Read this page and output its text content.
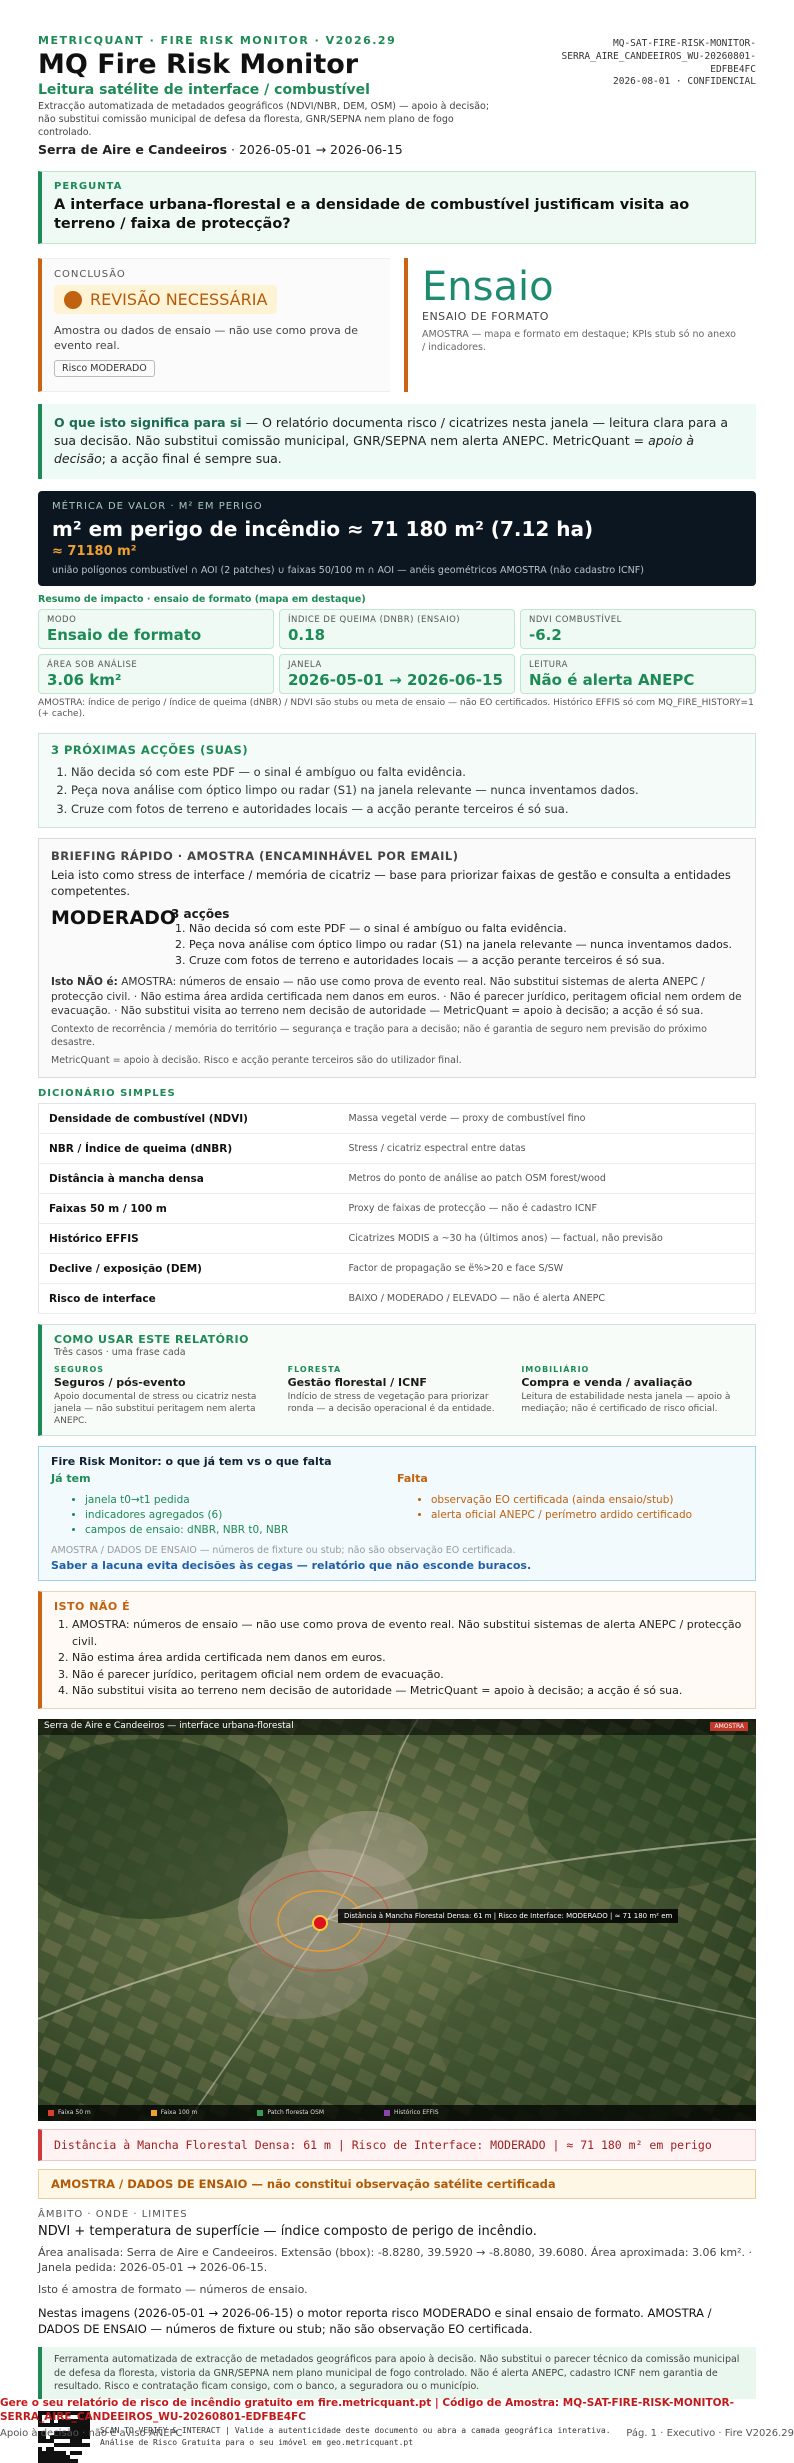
METRICQUANT · FIRE RISK MONITOR · V2026.29
MQ Fire Risk Monitor
Leitura satélite de interface / combustível
Extracção automatizada de metadados geográficos (NDVI/NBR, DEM, OSM) — apoio à decisão; não substitui comissão municipal de defesa da floresta, GNR/SEPNA nem plano de fogo controlado.
Serra de Aire e Candeeiros · 2026-05-01 → 2026-06-15
MQ-SAT-FIRE-RISK-MONITOR-
SERRA_AIRE_CANDEEIROS_WU-20260801-
EDFBE4FC
2026-08-01 · CONFIDENCIAL
PERGUNTA
A interface urbana-florestal e a densidade de combustível justificam visita ao terreno / faixa de protecção?
CONCLUSÃO
REVISÃO NECESSÁRIA
Amostra ou dados de ensaio — não use como prova de evento real.
Risco MODERADO
Ensaio
ENSAIO DE FORMATO
AMOSTRA — mapa e formato em destaque; KPIs stub só no anexo / indicadores.
O que isto significa para si — O relatório documenta risco / cicatrizes nesta janela — leitura clara para a sua decisão. Não substitui comissão municipal, GNR/SEPNA nem alerta ANEPC. MetricQuant = apoio à decisão; a acção final é sempre sua.
MÉTRICA DE VALOR · M² EM PERIGO
m² em perigo de incêndio ≈ 71 180 m² (7.12 ha)
≈ 71180 m²
união polígonos combustível ∩ AOI (2 patches) ∪ faixas 50/100 m ∩ AOI — anéis geométricos AMOSTRA (não cadastro ICNF)
Resumo de impacto · ensaio de formato (mapa em destaque)
MODO
Ensaio de formato
ÍNDICE DE QUEIMA (DNBR) (ENSAIO)
0.18
NDVI COMBUSTÍVEL
-6.2
ÁREA SOB ANÁLISE
3.06 km²
JANELA
2026-05-01 → 2026-06-15
LEITURA
Não é alerta ANEPC
AMOSTRA: índice de perigo / índice de queima (dNBR) / NDVI são stubs ou meta de ensaio — não EO certificados. Histórico EFFIS só com MQ_FIRE_HISTORY=1 (+ cache).
3 PRÓXIMAS ACÇÕES (SUAS)
1. Não decida só com este PDF — o sinal é ambíguo ou falta evidência.
2. Peça nova análise com óptico limpo ou radar (S1) na janela relevante — nunca inventamos dados.
3. Cruze com fotos de terreno e autoridades locais — a acção perante terceiros é só sua.
BRIEFING RÁPIDO · AMOSTRA (ENCAMINHÁVEL POR EMAIL)
Leia isto como stress de interface / memória de cicatriz — base para priorizar faixas de gestão e consulta a entidades competentes.
MODERADO
3 acções
1. Não decida só com este PDF — o sinal é ambíguo ou falta evidência.
2. Peça nova análise com óptico limpo ou radar (S1) na janela relevante — nunca inventamos dados.
3. Cruze com fotos de terreno e autoridades locais — a acção perante terceiros é só sua.
Isto NÃO é: AMOSTRA: números de ensaio — não use como prova de evento real. Não substitui sistemas de alerta ANEPC / protecção civil. · Não estima área ardida certificada nem danos em euros. · Não é parecer jurídico, peritagem oficial nem ordem de evacuação. · Não substitui visita ao terreno nem decisão de autoridade — MetricQuant = apoio à decisão; a acção é só sua.
Contexto de recorrência / memória do território — segurança e tração para a decisão; não é garantia de seguro nem previsão do próximo desastre.
MetricQuant = apoio à decisão. Risco e acção perante terceiros são do utilizador final.
DICIONÁRIO SIMPLES
Densidade de combustível (NDVI)	Massa vegetal verde — proxy de combustível fino
NBR / Índice de queima (dNBR)	Stress / cicatriz espectral entre datas
Distância à mancha densa	Metros do ponto de análise ao patch OSM forest/wood
Faixas 50 m / 100 m	Proxy de faixas de protecção — não é cadastro ICNF
Histórico EFFIS	Cicatrizes MODIS a ~30 ha (últimos anos) — factual, não previsão
Declive / exposição (DEM)	Factor de propagação se ë%>20 e face S/SW
Risco de interface	BAIXO / MODERADO / ELEVADO — não é alerta ANEPC
COMO USAR ESTE RELATÓRIO
Três casos · uma frase cada
SEGUROS
Seguros / pós-evento
Apoio documental de stress ou cicatriz nesta janela — não substitui peritagem nem alerta ANEPC.
FLORESTA
Gestão florestal / ICNF
Indício de stress de vegetação para priorizar ronda — a decisão operacional é da entidade.
IMOBILIÁRIO
Compra e venda / avaliação
Leitura de estabilidade nesta janela — apoio à mediação; não é certificado de risco oficial.
Fire Risk Monitor: o que já tem vs o que falta
Já tem
• janela t0→t1 pedida
• indicadores agregados (6)
• campos de ensaio: dNBR, NBR t0, NBR
Falta
• observação EO certificada (ainda ensaio/stub)
• alerta oficial ANEPC / perímetro ardido certificado
AMOSTRA / DADOS DE ENSAIO — números de fixture ou stub; não são observação EO certificada.
Saber a lacuna evita decisões às cegas — relatório que não esconde buracos.
ISTO NÃO É
1. AMOSTRA: números de ensaio — não use como prova de evento real. Não substitui sistemas de alerta ANEPC / protecção civil.
2. Não estima área ardida certificada nem danos em euros.
3. Não é parecer jurídico, peritagem oficial nem ordem de evacuação.
4. Não substitui visita ao terreno nem decisão de autoridade — MetricQuant = apoio à decisão; a acção é só sua.
Serra de Aire e Candeeiros — interface urbana-florestal	AMOSTRA
Distância à Mancha Florestal Densa: 61 m | Risco de Interface: MODERADO | ≈ 71 180 m² em
Faixa 50 m	Faixa 100 m	Patch floresta OSM	Histórico EFFIS
Distância à Mancha Florestal Densa: 61 m | Risco de Interface: MODERADO | ≈ 71 180 m² em perigo
AMOSTRA / DADOS DE ENSAIO — não constitui observação satélite certificada
ÂMBITO · ONDE · LIMITES
NDVI + temperatura de superfície — índice composto de perigo de incêndio.
Área analisada: Serra de Aire e Candeeiros. Extensão (bbox): -8.8280, 39.5920 → -8.8080, 39.6080. Área aproximada: 3.06 km². · Janela pedida: 2026-05-01 → 2026-06-15.
Isto é amostra de formato — números de ensaio.
Nestas imagens (2026-05-01 → 2026-06-15) o motor reporta risco MODERADO e sinal ensaio de formato. AMOSTRA / DADOS DE ENSAIO — números de fixture ou stub; não são observação EO certificada.
Ferramenta automatizada de extracção de metadados geográficos para apoio à decisão. Não substitui o parecer técnico da comissão municipal de defesa da floresta, vistoria da GNR/SEPNA nem plano municipal de fogo controlado. Não é alerta ANEPC, cadastro ICNF nem garantia de resultado. Risco e contratação ficam consigo, com o banco, a seguradora ou o município.
SCAN TO VERIFY & INTERACT | Valide a autenticidade deste documento ou abra a camada geográfica interativa.
Análise de Risco Gratuita para o seu imóvel em geo.metricquant.pt
Gere o seu relatório de risco de incêndio gratuito em fire.metricquant.pt | Código de Amostra: MQ-SAT-FIRE-RISK-MONITOR-SERRA_AIRE_CANDEEIROS_WU-20260801-EDFBE4FC
Apoio à decisão · não é aviso ANEPC	Pág. 1 · Executivo · Fire V2026.29
